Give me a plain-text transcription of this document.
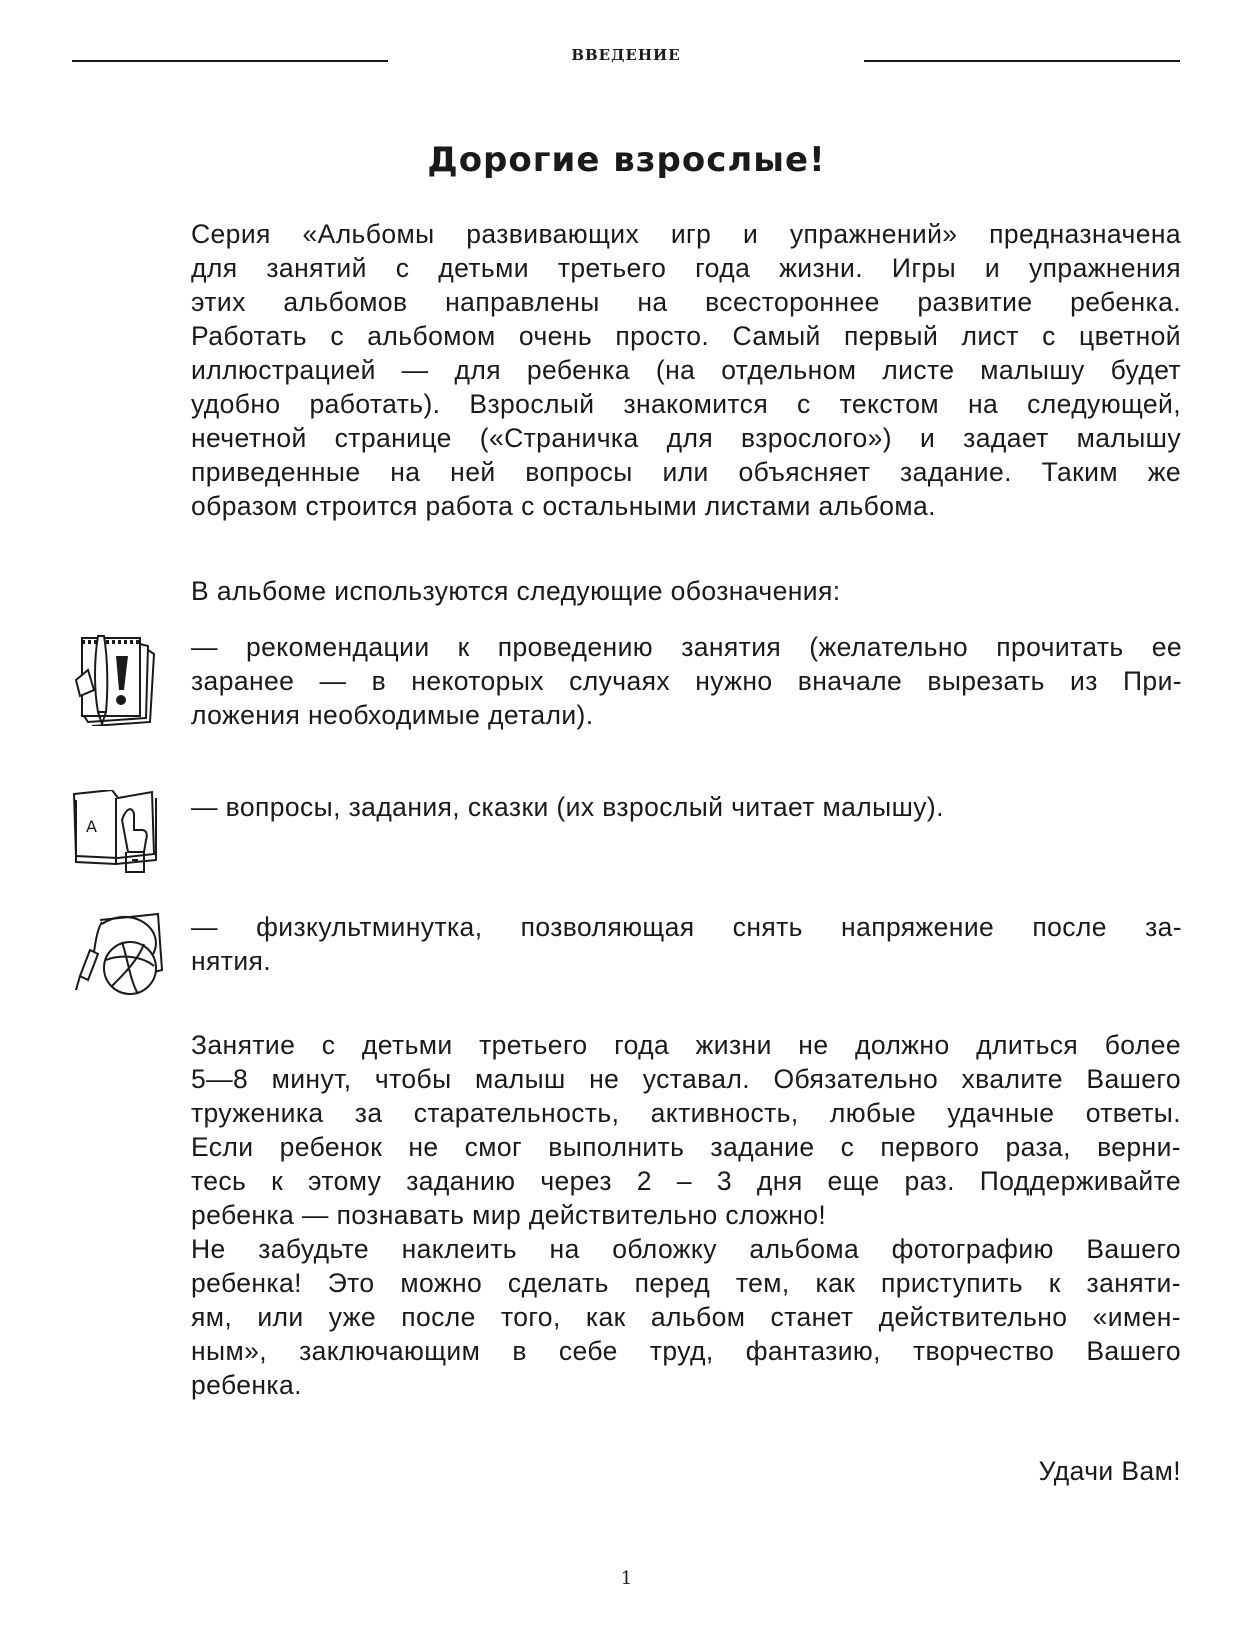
ВВЕДЕНИЕ
Дорогие взрослые!
Серия «Альбомы развивающих игр и упражнений» предназначена
для занятий с детьми третьего года жизни. Игры и упражнения
этих альбомов направлены на всестороннее развитие ребенка.
Работать с альбомом очень просто. Самый первый лист с цветной
иллюстрацией — для ребенка (на отдельном листе малышу будет
удобно работать). Взрослый знакомится с текстом на следующей,
нечетной странице («Страничка для взрослого») и задает малышу
приведенные на ней вопросы или объясняет задание. Таким же
образом строится работа с остальными листами альбома.
В альбоме используются следующие обозначения:
— рекомендации к проведению занятия (желательно прочитать ее
заранее — в некоторых случаях нужно вначале вырезать из При-
ложения необходимые детали).
А
— вопросы, задания, сказки (их взрослый читает малышу).
— физкультминутка, позволяющая снять напряжение после за-
нятия.
Занятие с детьми третьего года жизни не должно длиться более
5—8 минут, чтобы малыш не уставал. Обязательно хвалите Вашего
труженика за старательность, активность, любые удачные ответы.
Если ребенок не смог выполнить задание с первого раза, верни-
тесь к этому заданию через 2 – 3 дня еще раз. Поддерживайте
ребенка — познавать мир действительно сложно!
Не забудьте наклеить на обложку альбома фотографию Вашего
ребенка! Это можно сделать перед тем, как приступить к заняти-
ям, или уже после того, как альбом станет действительно «имен-
ным», заключающим в себе труд, фантазию, творчество Вашего
ребенка.
Удачи Вам!
1
